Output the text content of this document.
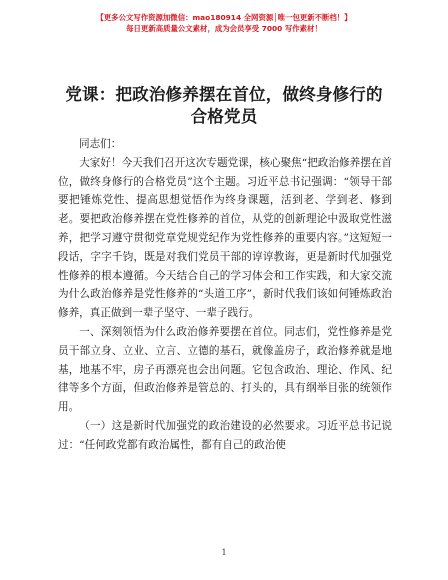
【更多公文写作资源加微信：mao180914 全网资源│唯一包更新不断档！】
每日更新高质量公文素材，成为会员享受 7000 写作素材！
党课：把政治修养摆在首位，做终身修行的合格党员

同志们：

大家好！今天我们召开这次专题党课，核心聚焦“把政治修养摆在首位，做终身修行的合格党员”这个主题。习近平总书记强调：“领导干部要把锤炼党性、提高思想觉悟作为终身课题，活到老、学到老、修到老。要把政治修养摆在党性修养的首位，从党的创新理论中汲取党性滋养，把学习遵守贯彻党章党规党纪作为党性修养的重要内容。”这短短一段话，字字千钧，既是对我们党员干部的谆谆教诲，更是新时代加强党性修养的根本遵循。今天结合自己的学习体会和工作实践，和大家交流为什么政治修养是党性修养的“头道工序”，新时代我们该如何锤炼政治修养，真正做到一辈子坚守、一辈子践行。

一、深刻领悟为什么政治修养要摆在首位。同志们，党性修养是党员干部立身、立业、立言、立德的基石，就像盖房子，政治修养就是地基，地基不牢，房子再漂亮也会出问题。它包含政治、理论、作风、纪律等多个方面，但政治修养是管总的、打头的，具有纲举目张的统领作用。

（一）这是新时代加强党的政治建设的必然要求。习近平总书记说过：“任何政党都有政治属性，都有自己的政治使

1
